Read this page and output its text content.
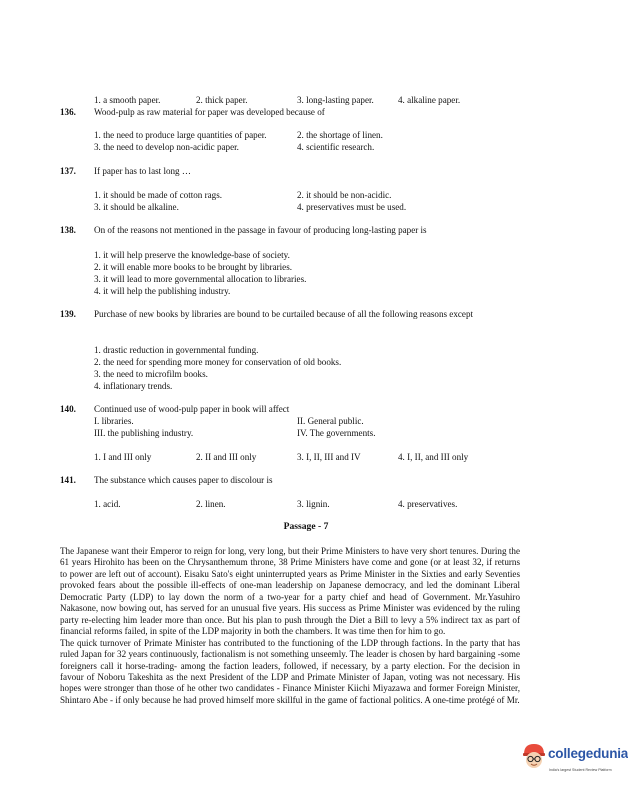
1. a smooth paper.	2. thick paper.	3. long-lasting paper.	4. alkaline paper.
136. Wood-pulp as raw material for paper was developed because of
1. the need to produce large quantities of paper.	2. the shortage of linen.
3. the need to develop non-acidic paper.	4. scientific research.
137. If paper has to last long …
1. it should be made of cotton rags.	2. it should be non-acidic.
3. it should be alkaline.	4. preservatives must be used.
138. On of the reasons not mentioned in the passage in favour of producing long-lasting paper is
1. it will help preserve the knowledge-base of society.
2. it will enable more books to be brought by libraries.
3. it will lead to more governmental allocation to libraries.
4. it will help the publishing industry.
139. Purchase of new books by libraries are bound to be curtailed because of all the following reasons except
1. drastic reduction in governmental funding.
2. the need for spending more money for conservation of old books.
3. the need to microfilm books.
4. inflationary trends.
140. Continued use of wood-pulp paper in book will affect
I. libraries.	II. General public.
III. the publishing industry.	IV. The governments.
1. I and III only	2. II and III only	3. I, II, III and IV	4. I, II, and III only
141. The substance which causes paper to discolour is
1. acid.	2. linen.	3. lignin.	4. preservatives.
Passage - 7
The Japanese want their Emperor to reign for long, very long, but their Prime Ministers to have very short tenures. During the 61 years Hirohito has been on the Chrysanthemum throne, 38 Prime Ministers have come and gone (or at least 32, if returns to power are left out of account). Eisaku Sato's eight uninterrupted years as Prime Minister in the Sixties and early Seventies provoked fears about the possible ill-effects of one-man leadership on Japanese democracy, and led the dominant Liberal Democratic Party (LDP) to lay down the norm of a two-year for a party chief and head of Government. Mr.Yasuhiro Nakasone, now bowing out, has served for an unusual five years. His success as Prime Minister was evidenced by the ruling party re-electing him leader more than once. But his plan to push through the Diet a Bill to levy a 5% indirect tax as part of financial reforms failed, in spite of the LDP majority in both the chambers. It was time then for him to go.
The quick turnover of Primate Minister has contributed to the functioning of the LDP through factions. In the party that has ruled Japan for 32 years continuously, factionalism is not something unseemly. The leader is chosen by hard bargaining -some foreigners call it horse-trading- among the faction leaders, followed, if necessary, by a party election. For the decision in favour of Noboru Takeshita as the next President of the LDP and Primate Minister of Japan, voting was not necessary. His hopes were stronger than those of he other two candidates - Finance Minister Kiichi Miyazawa and former Foreign Minister, Shintaro Abe - if only because he had proved himself more skillful in the game of factional politics. A one-time protégé of Mr.
collegedunia
India's largest Student Review Platform
